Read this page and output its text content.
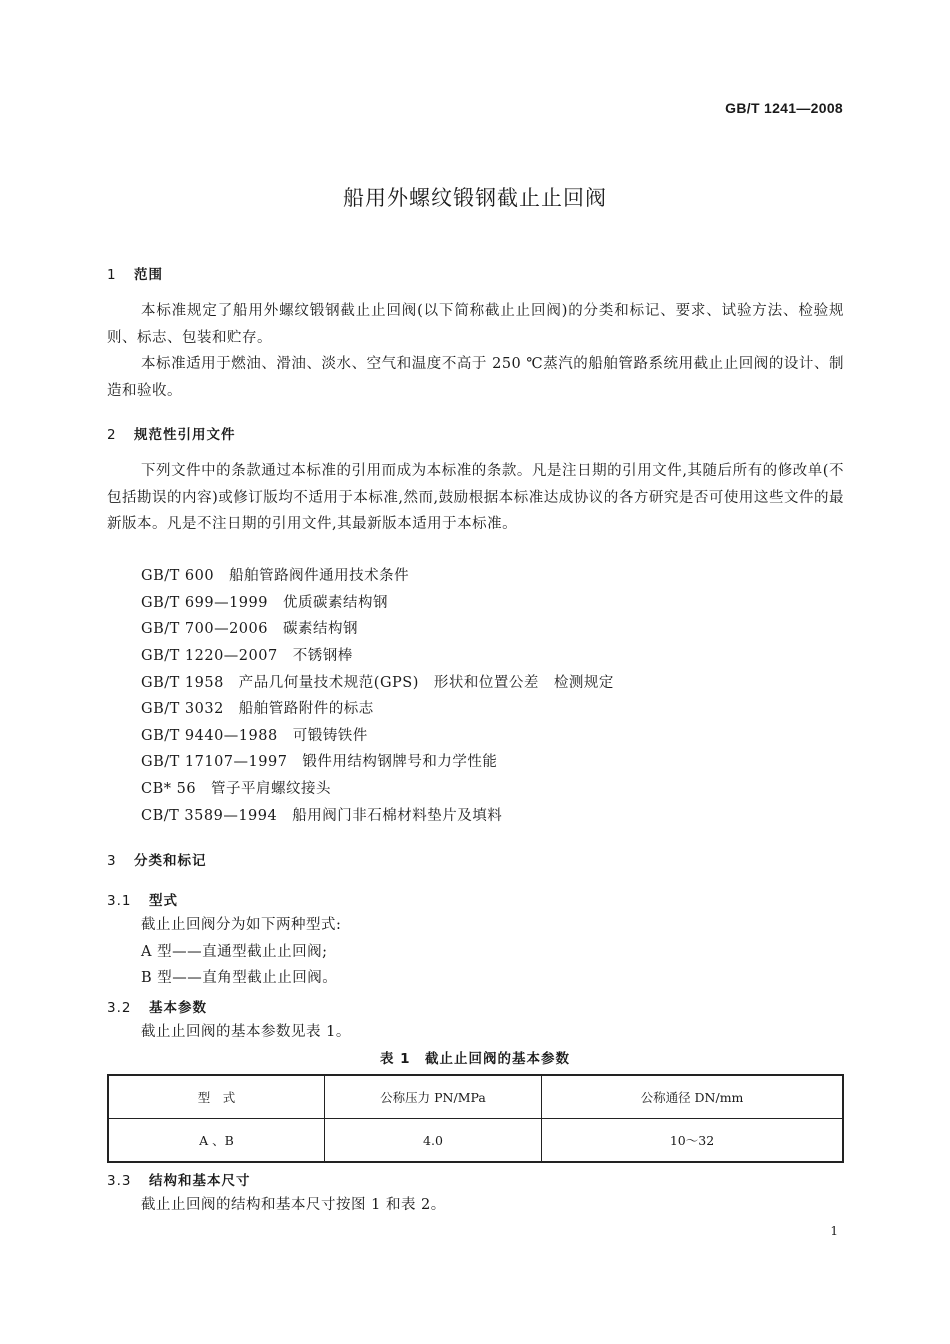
GB/T 1241—2008
船用外螺纹锻钢截止止回阀
1 范围
本标准规定了船用外螺纹锻钢截止止回阀(以下简称截止止回阀)的分类和标记、要求、试验方法、检验规则、标志、包装和贮存。
本标准适用于燃油、滑油、淡水、空气和温度不高于 250 ℃蒸汽的船舶管路系统用截止止回阀的设计、制造和验收。
2 规范性引用文件
下列文件中的条款通过本标准的引用而成为本标准的条款。凡是注日期的引用文件,其随后所有的修改单(不包括勘误的内容)或修订版均不适用于本标准,然而,鼓励根据本标准达成协议的各方研究是否可使用这些文件的最新版本。凡是不注日期的引用文件,其最新版本适用于本标准。
GB/T 600　船舶管路阀件通用技术条件
GB/T 699—1999　优质碳素结构钢
GB/T 700—2006　碳素结构钢
GB/T 1220—2007　不锈钢棒
GB/T 1958　产品几何量技术规范(GPS)　形状和位置公差　检测规定
GB/T 3032　船舶管路附件的标志
GB/T 9440—1988　可锻铸铁件
GB/T 17107—1997　锻件用结构钢牌号和力学性能
CB* 56　管子平肩螺纹接头
CB/T 3589—1994　船用阀门非石棉材料垫片及填料
3 分类和标记
3.1 型式
截止止回阀分为如下两种型式:
A 型——直通型截止止回阀;
B 型——直角型截止止回阀。
3.2 基本参数
截止止回阀的基本参数见表 1。
表 1　截止止回阀的基本参数
型　式	公称压力 PN/MPa	公称通径 DN/mm
A 、B	4.0	10～32
3.3 结构和基本尺寸
截止止回阀的结构和基本尺寸按图 1 和表 2。
1
